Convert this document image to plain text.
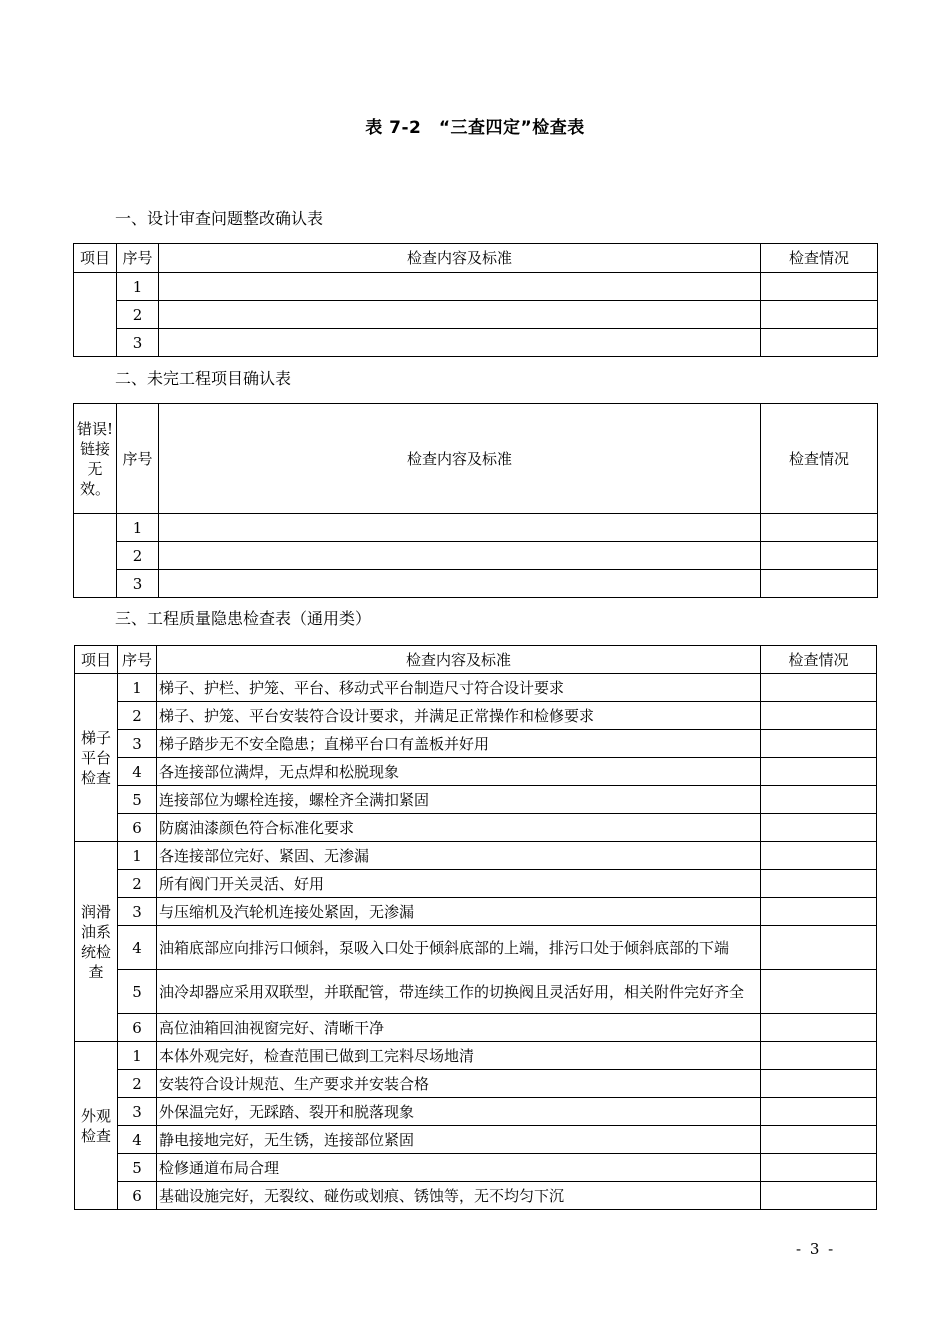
表 7-2　“三查四定”检查表
一、设计审查问题整改确认表
项目	序号	检查内容及标准	检查情况
	1		
	2		
	3		
二、未完工程项目确认表
错误!链接无效。	序号	检查内容及标准	检查情况
	1		
	2		
	3		
三、工程质量隐患检查表（通用类）
项目	序号	检查内容及标准	检查情况
梯子平台检查	1	梯子、护栏、护笼、平台、移动式平台制造尺寸符合设计要求	
	2	梯子、护笼、平台安装符合设计要求，并满足正常操作和检修要求	
	3	梯子踏步无不安全隐患；直梯平台口有盖板并好用	
	4	各连接部位满焊，无点焊和松脱现象	
	5	连接部位为螺栓连接，螺栓齐全满扣紧固	
	6	防腐油漆颜色符合标准化要求	
润滑油系统检查	1	各连接部位完好、紧固、无渗漏	
	2	所有阀门开关灵活、好用	
	3	与压缩机及汽轮机连接处紧固，无渗漏	
	4	油箱底部应向排污口倾斜，泵吸入口处于倾斜底部的上端，排污口处于倾斜底部的下端	
	5	油冷却器应采用双联型，并联配管，带连续工作的切换阀且灵活好用，相关附件完好齐全	
	6	高位油箱回油视窗完好、清晰干净	
外观检查	1	本体外观完好，检查范围已做到工完料尽场地清	
	2	安装符合设计规范、生产要求并安装合格	
	3	外保温完好，无踩踏、裂开和脱落现象	
	4	静电接地完好，无生锈，连接部位紧固	
	5	检修通道布局合理	
	6	基础设施完好，无裂纹、碰伤或划痕、锈蚀等，无不均匀下沉	
- 3 -
